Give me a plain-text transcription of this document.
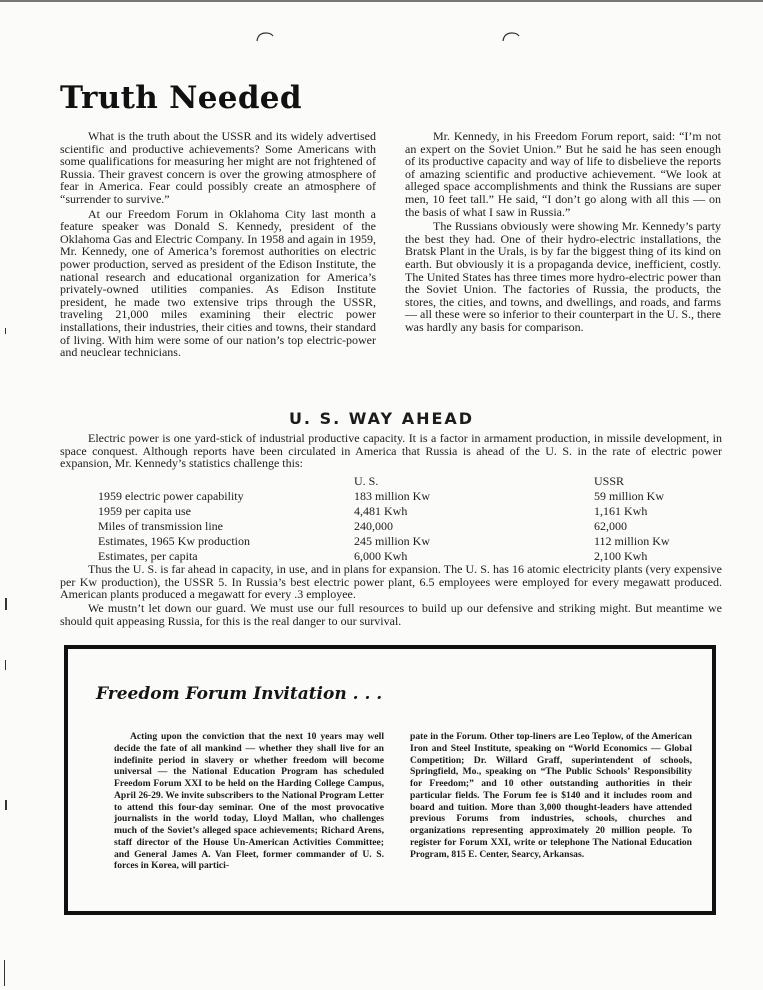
Truth Needed

What is the truth about the USSR and its widely advertised scientific and productive achievements? Some Americans with some qualifications for measuring her might are not frightened of Russia. Their gravest concern is over the growing atmosphere of fear in America. Fear could possibly create an atmosphere of “surrender to survive.”

At our Freedom Forum in Oklahoma City last month a feature speaker was Donald S. Kennedy, president of the Oklahoma Gas and Electric Company. In 1958 and again in 1959, Mr. Kennedy, one of America’s foremost authorities on electric power production, served as president of the Edison Institute, the national research and educational organization for America’s privately-owned utilities companies. As Edison Institute president, he made two extensive trips through the USSR, traveling 21,000 miles examining their electric power installations, their industries, their cities and towns, their standard of living. With him were some of our nation’s top electric-power and neuclear technicians.

Mr. Kennedy, in his Freedom Forum report, said: “I’m not an expert on the Soviet Union.” But he said he has seen enough of its productive capacity and way of life to disbelieve the reports of amazing scientific and productive achievement. “We look at alleged space accomplishments and think the Russians are super men, 10 feet tall.” He said, “I don’t go along with all this — on the basis of what I saw in Russia.”

The Russians obviously were showing Mr. Kennedy’s party the best they had. One of their hydro-electric installations, the Bratsk Plant in the Urals, is by far the biggest thing of its kind on earth. But obviously it is a propaganda device, inefficient, costly. The United States has three times more hydro-electric power than the Soviet Union. The factories of Russia, the products, the stores, the cities, and towns, and dwellings, and roads, and farms — all these were so inferior to their counterpart in the U. S., there was hardly any basis for comparison.

U. S. WAY AHEAD

Electric power is one yard-stick of industrial productive capacity. It is a factor in armament production, in missile development, in space conquest. Although reports have been circulated in America that Russia is ahead of the U. S. in the rate of electric power expansion, Mr. Kennedy’s statistics challenge this:

	U. S.	USSR
1959 electric power capability	183 million Kw	59 million Kw
1959 per capita use	4,481 Kwh	1,161 Kwh
Miles of transmission line	240,000	62,000
Estimates, 1965 Kw production	245 million Kw	112 million Kw
Estimates, per capita	6,000 Kwh	2,100 Kwh

Thus the U. S. is far ahead in capacity, in use, and in plans for expansion. The U. S. has 16 atomic electricity plants (very expensive per Kw production), the USSR 5. In Russia’s best electric power plant, 6.5 employees were employed for every megawatt produced. American plants produced a megawatt for every .3 employee.

We mustn’t let down our guard. We must use our full resources to build up our defensive and striking might. But meantime we should quit appeasing Russia, for this is the real danger to our survival.

Freedom Forum Invitation . . .

Acting upon the conviction that the next 10 years may well decide the fate of all mankind — whether they shall live for an indefinite period in slavery or whether freedom will become universal — the National Education Program has scheduled Freedom Forum XXI to be held on the Harding College Campus, April 26-29. We invite subscribers to the National Program Letter to attend this four-day seminar. One of the most provocative journalists in the world today, Lloyd Mallan, who challenges much of the Soviet’s alleged space achievements; Richard Arens, staff director of the House Un-American Activities Committee; and General James A. Van Fleet, former commander of U. S. forces in Korea, will partici-

pate in the Forum. Other top-liners are Leo Teplow, of the American Iron and Steel Institute, speaking on “World Economics — Global Competition; Dr. Willard Graff, superintendent of schools, Springfield, Mo., speaking on “The Public Schools’ Responsibility for Freedom;” and 10 other outstanding authorities in their particular fields. The Forum fee is $140 and it includes room and board and tuition. More than 3,000 thought-leaders have attended previous Forums from industries, schools, churches and organizations representing approximately 20 million people. To register for Forum XXI, write or telephone The National Education Program, 815 E. Center, Searcy, Arkansas.
